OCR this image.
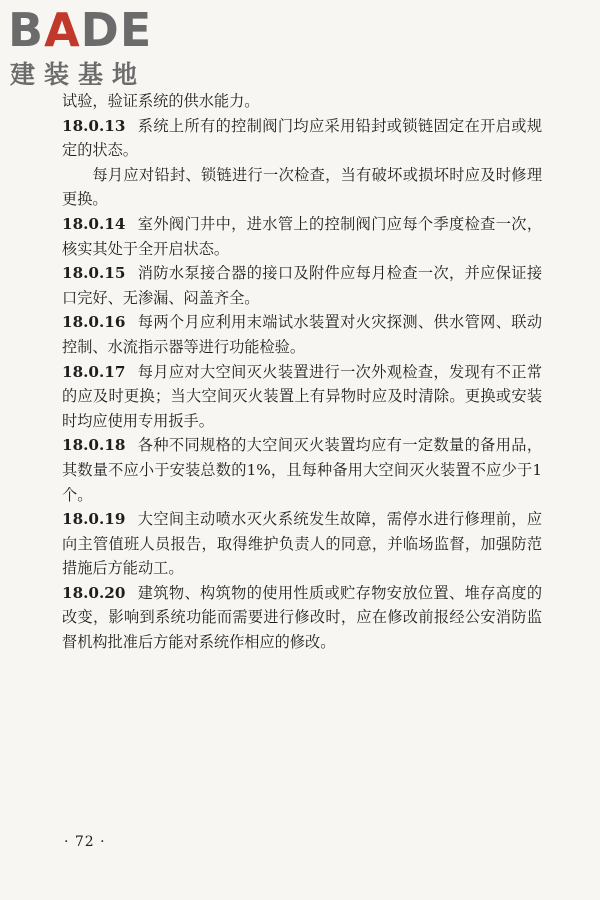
BADE
建装基地

试验，验证系统的供水能力。

18.0.13 系统上所有的控制阀门均应采用铅封或锁链固定在开启或规定的状态。

每月应对铅封、锁链进行一次检查，当有破坏或损坏时应及时修理更换。

18.0.14 室外阀门井中，进水管上的控制阀门应每个季度检查一次，核实其处于全开启状态。

18.0.15 消防水泵接合器的接口及附件应每月检查一次，并应保证接口完好、无渗漏、闷盖齐全。

18.0.16 每两个月应利用末端试水装置对火灾探测、供水管网、联动控制、水流指示器等进行功能检验。

18.0.17 每月应对大空间灭火装置进行一次外观检查，发现有不正常的应及时更换；当大空间灭火装置上有异物时应及时清除。更换或安装时均应使用专用扳手。

18.0.18 各种不同规格的大空间灭火装置均应有一定数量的备用品，其数量不应小于安装总数的1%，且每种备用大空间灭火装置不应少于1个。

18.0.19 大空间主动喷水灭火系统发生故障，需停水进行修理前，应向主管值班人员报告，取得维护负责人的同意，并临场监督，加强防范措施后方能动工。

18.0.20 建筑物、构筑物的使用性质或贮存物安放位置、堆存高度的改变，影响到系统功能而需要进行修改时，应在修改前报经公安消防监督机构批准后方能对系统作相应的修改。

· 72 ·
